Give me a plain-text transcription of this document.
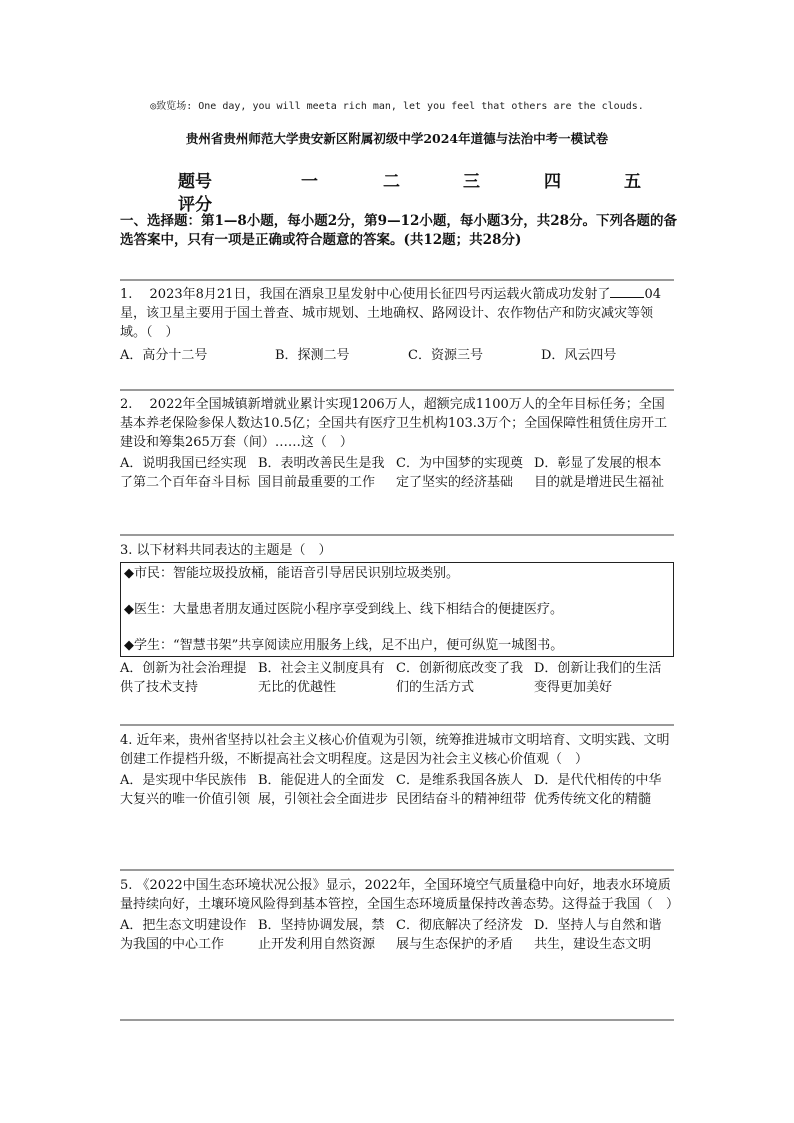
◎致览场: One day, you will meeta rich man, let you feel that others are the clouds.
贵州省贵州师范大学贵安新区附属初级中学2024年道德与法治中考一模试卷
题号	一	二	三	四	五
评分
一、选择题：第1—8小题，每小题2分，第9—12小题，每小题3分，共28分。下列各题的备选答案中，只有一项是正确或符合题意的答案。(共12题；共28分)

1.　 2023年8月21日，我国在酒泉卫星发射中心使用长征四号丙运载火箭成功发射了	04星，该卫星主要用于国土普查、城市规划、土地确权、路网设计、农作物估产和防灾减灾等领域。（　）

A．高分十二号	B．探测二号	C．资源三号	D．风云四号

2.　 2022年全国城镇新增就业累计实现1206万人，超额完成1100万人的全年目标任务；全国基本养老保险参保人数达10.5亿；全国共有医疗卫生机构103.3万个；全国保障性租赁住房开工建设和筹集265万套（间）……这（　）

A．说明我国已经实现了第二个百年奋斗目标
B．表明改善民生是我国目前最重要的工作
C．为中国梦的实现奠定了坚实的经济基础
D．彰显了发展的根本目的就是增进民生福祉

3. 以下材料共同表达的主题是（　）

◆市民：智能垃圾投放桶，能语音引导居民识别垃圾类别。
◆医生：大量患者朋友通过医院小程序享受到线上、线下相结合的便捷医疗。
◆学生：“智慧书架”共享阅读应用服务上线，足不出户，便可纵览一城图书。
A．创新为社会治理提供了技术支持
B．社会主义制度具有无比的优越性
C．创新彻底改变了我们的生活方式
D．创新让我们的生活变得更加美好

4. 近年来，贵州省坚持以社会主义核心价值观为引领，统筹推进城市文明培育、文明实践、文明创建工作提档升级，不断提高社会文明程度。这是因为社会主义核心价值观（　）

A．是实现中华民族伟大复兴的唯一价值引领
B．能促进人的全面发展，引领社会全面进步
C．是维系我国各族人民团结奋斗的精神纽带
D．是代代相传的中华优秀传统文化的精髓

5. 《2022中国生态环境状况公报》显示，2022年，全国环境空气质量稳中向好，地表水环境质量持续向好，土壤环境风险得到基本管控，全国生态环境质量保持改善态势。这得益于我国（　）

A．把生态文明建设作为我国的中心工作
B．坚持协调发展，禁止开发利用自然资源
C．彻底解决了经济发展与生态保护的矛盾
D．坚持人与自然和谐共生，建设生态文明
